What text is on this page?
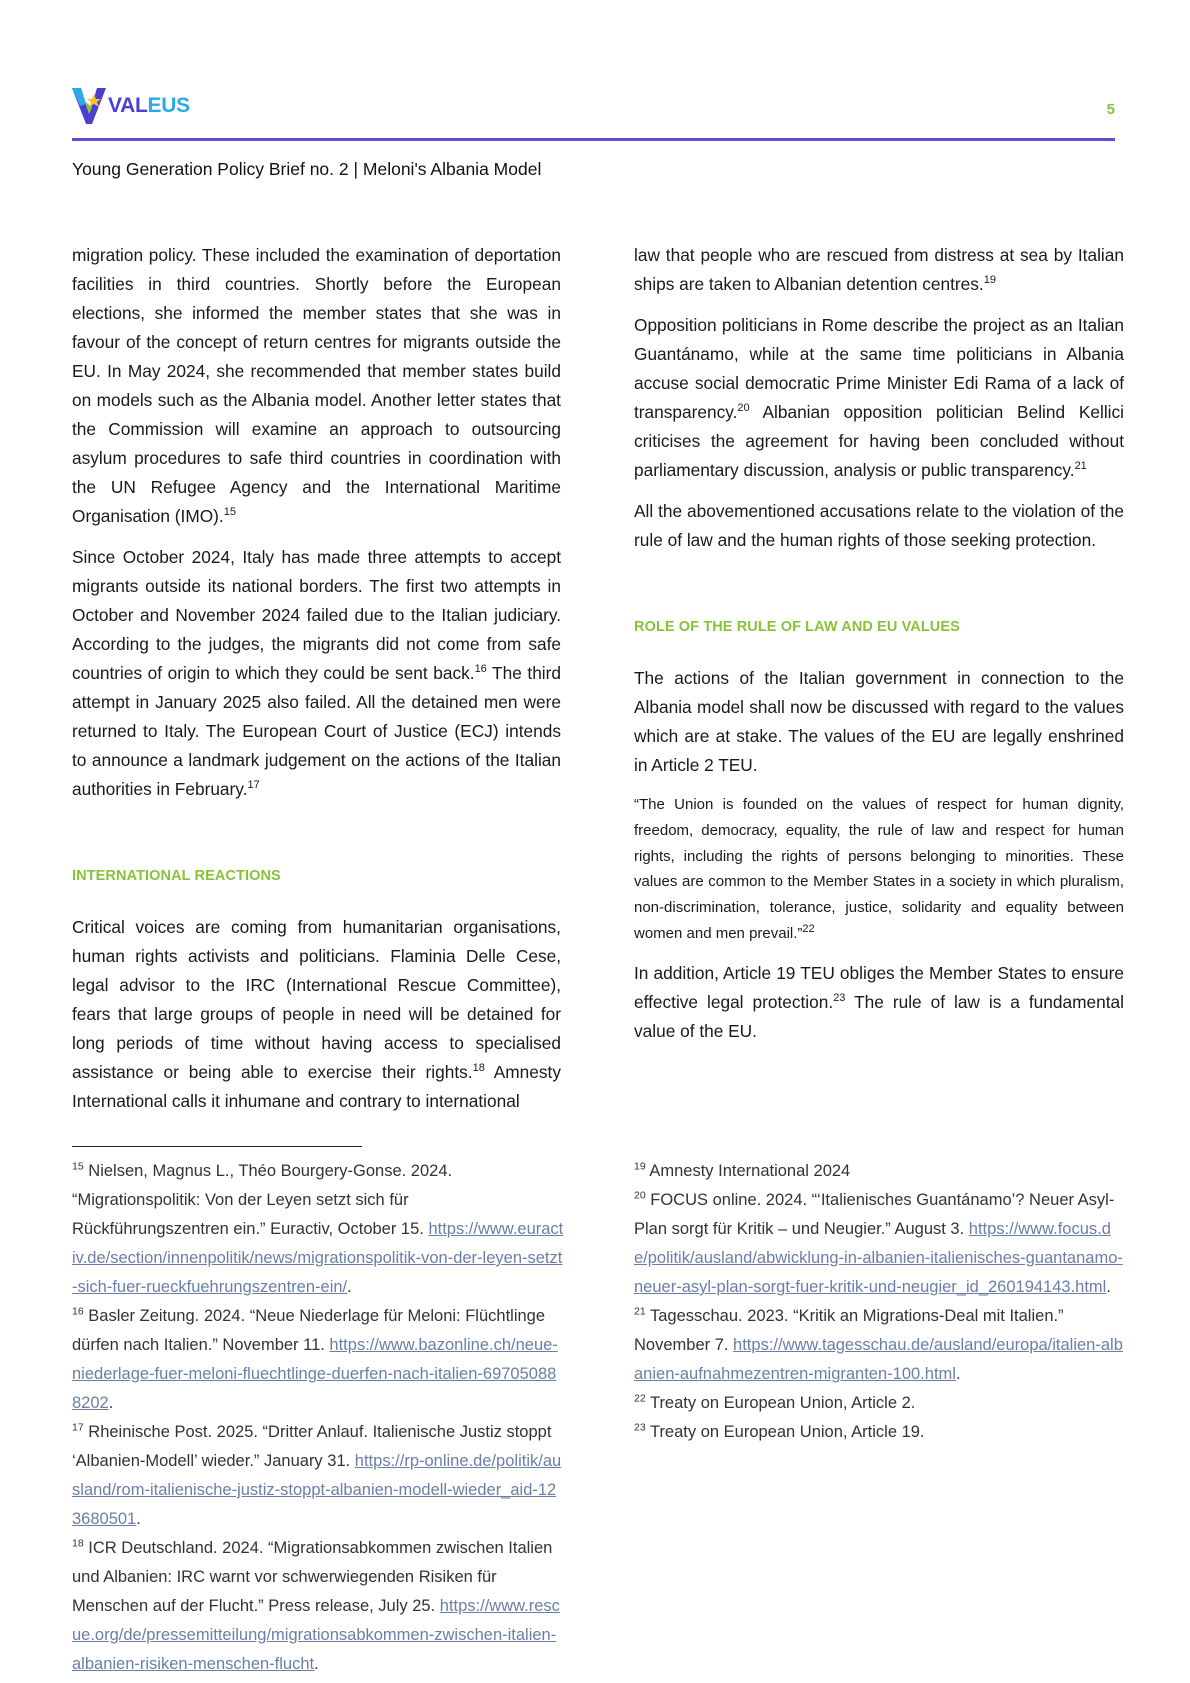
VALEUS	5
Young Generation Policy Brief no. 2 | Meloni's Albania Model

migration policy. These included the examination of deportation facilities in third countries. Shortly before the European elections, she informed the member states that she was in favour of the concept of return centres for migrants outside the EU. In May 2024, she recommended that member states build on models such as the Albania model. Another letter states that the Commission will examine an approach to outsourcing asylum procedures to safe third countries in coordination with the UN Refugee Agency and the International Maritime Organisation (IMO).$^{15}$

Since October 2024, Italy has made three attempts to accept migrants outside its national borders. The first two attempts in October and November 2024 failed due to the Italian judiciary. According to the judges, the migrants did not come from safe countries of origin to which they could be sent back.$^{16}$ The third attempt in January 2025 also failed. All the detained men were returned to Italy. The European Court of Justice (ECJ) intends to announce a landmark judgement on the actions of the Italian authorities in February.$^{17}$

INTERNATIONAL REACTIONS

Critical voices are coming from humanitarian organisations, human rights activists and politicians. Flaminia Delle Cese, legal advisor to the IRC (International Rescue Committee), fears that large groups of people in need will be detained for long periods of time without having access to specialised assistance or being able to exercise their rights.$^{18}$ Amnesty International calls it inhumane and contrary to international

law that people who are rescued from distress at sea by Italian ships are taken to Albanian detention centres.$^{19}$

Opposition politicians in Rome describe the project as an Italian Guantánamo, while at the same time politicians in Albania accuse social democratic Prime Minister Edi Rama of a lack of transparency.$^{20}$ Albanian opposition politician Belind Kellici criticises the agreement for having been concluded without parliamentary discussion, analysis or public transparency.$^{21}$

All the abovementioned accusations relate to the violation of the rule of law and the human rights of those seeking protection.

ROLE OF THE RULE OF LAW AND EU VALUES

The actions of the Italian government in connection to the Albania model shall now be discussed with regard to the values which are at stake. The values of the EU are legally enshrined in Article 2 TEU.

“The Union is founded on the values of respect for human dignity, freedom, democracy, equality, the rule of law and respect for human rights, including the rights of persons belonging to minorities. These values are common to the Member States in a society in which pluralism, non-discrimination, tolerance, justice, solidarity and equality between women and men prevail.”$^{22}$

In addition, Article 19 TEU obliges the Member States to ensure effective legal protection.$^{23}$ The rule of law is a fundamental value of the EU.

$^{15}$ Nielsen, Magnus L., Théo Bourgery-Gonse. 2024. “Migrationspolitik: Von der Leyen setzt sich für Rückführungszentren ein.” Euractiv, October 15. https://www.euractiv.de/section/innenpolitik/news/migrationspolitik-von-der-leyen-setzt-sich-fuer-rueckfuehrungszentren-ein/.

$^{16}$ Basler Zeitung. 2024. “Neue Niederlage für Meloni: Flüchtlinge dürfen nach Italien.” November 11. https://www.bazonline.ch/neue-niederlage-fuer-meloni-fluechtlinge-duerfen-nach-italien-697050888202.

$^{17}$ Rheinische Post. 2025. “Dritter Anlauf. Italienische Justiz stoppt ‘Albanien-Modell’ wieder.” January 31. https://rp-online.de/politik/ausland/rom-italienische-justiz-stoppt-albanien-modell-wieder_aid-123680501.

$^{18}$ ICR Deutschland. 2024. “Migrationsabkommen zwischen Italien und Albanien: IRC warnt vor schwerwiegenden Risiken für Menschen auf der Flucht.” Press release, July 25. https://www.rescue.org/de/pressemitteilung/migrationsabkommen-zwischen-italien-albanien-risiken-menschen-flucht.

$^{19}$ Amnesty International 2024

$^{20}$ FOCUS online. 2024. “‘Italienisches Guantánamo’? Neuer Asyl-Plan sorgt für Kritik – und Neugier.” August 3. https://www.focus.de/politik/ausland/abwicklung-in-albanien-italienisches-guantanamo-neuer-asyl-plan-sorgt-fuer-kritik-und-neugier_id_260194143.html.

$^{21}$ Tagesschau. 2023. “Kritik an Migrations-Deal mit Italien.” November 7. https://www.tagesschau.de/ausland/europa/italien-albanien-aufnahmezentren-migranten-100.html.

$^{22}$ Treaty on European Union, Article 2.

$^{23}$ Treaty on European Union, Article 19.
